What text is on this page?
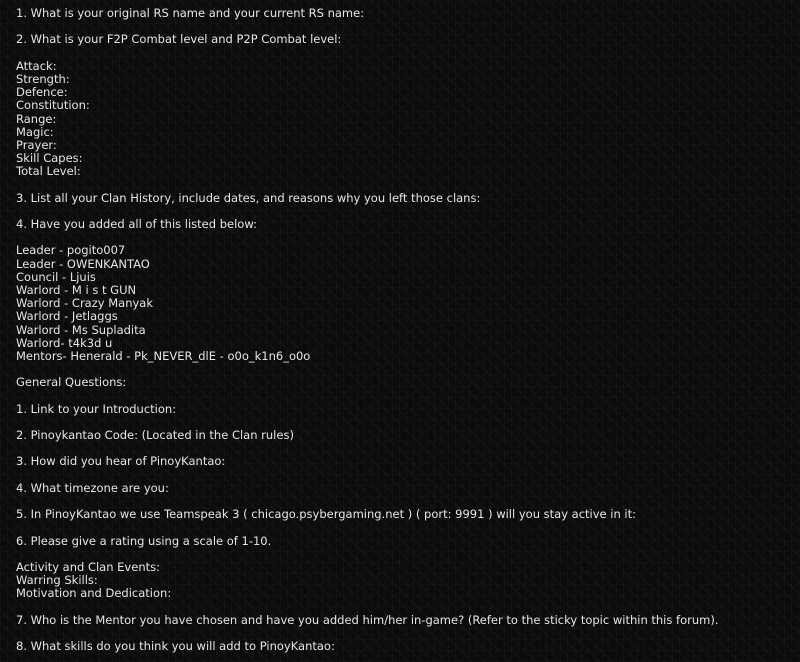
1. What is your original RS name and your current RS name:
2. What is your F2P Combat level and P2P Combat level:
Attack:
Strength:
Defence:
Constitution:
Range:
Magic:
Prayer:
Skill Capes:
Total Level:
3. List all your Clan History, include dates, and reasons why you left those clans:
4. Have you added all of this listed below:
Leader - pogito007
Leader - OWENKANTAO
Council - Ljuis
Warlord - M i s t GUN
Warlord - Crazy Manyak
Warlord - Jetlaggs
Warlord - Ms Supladita
Warlord- t4k3d u
Mentors- Henerald - Pk_NEVER_dlE - o0o_k1n6_o0o
General Questions:
1. Link to your Introduction:
2. Pinoykantao Code: (Located in the Clan rules)
3. How did you hear of PinoyKantao:
4. What timezone are you:
5. In PinoyKantao we use Teamspeak 3 ( chicago.psybergaming.net ) ( port: 9991 ) will you stay active in it:
6. Please give a rating using a scale of 1-10.
Activity and Clan Events:
Warring Skills:
Motivation and Dedication:
7. Who is the Mentor you have chosen and have you added him/her in-game? (Refer to the sticky topic within this forum).
8. What skills do you think you will add to PinoyKantao:
